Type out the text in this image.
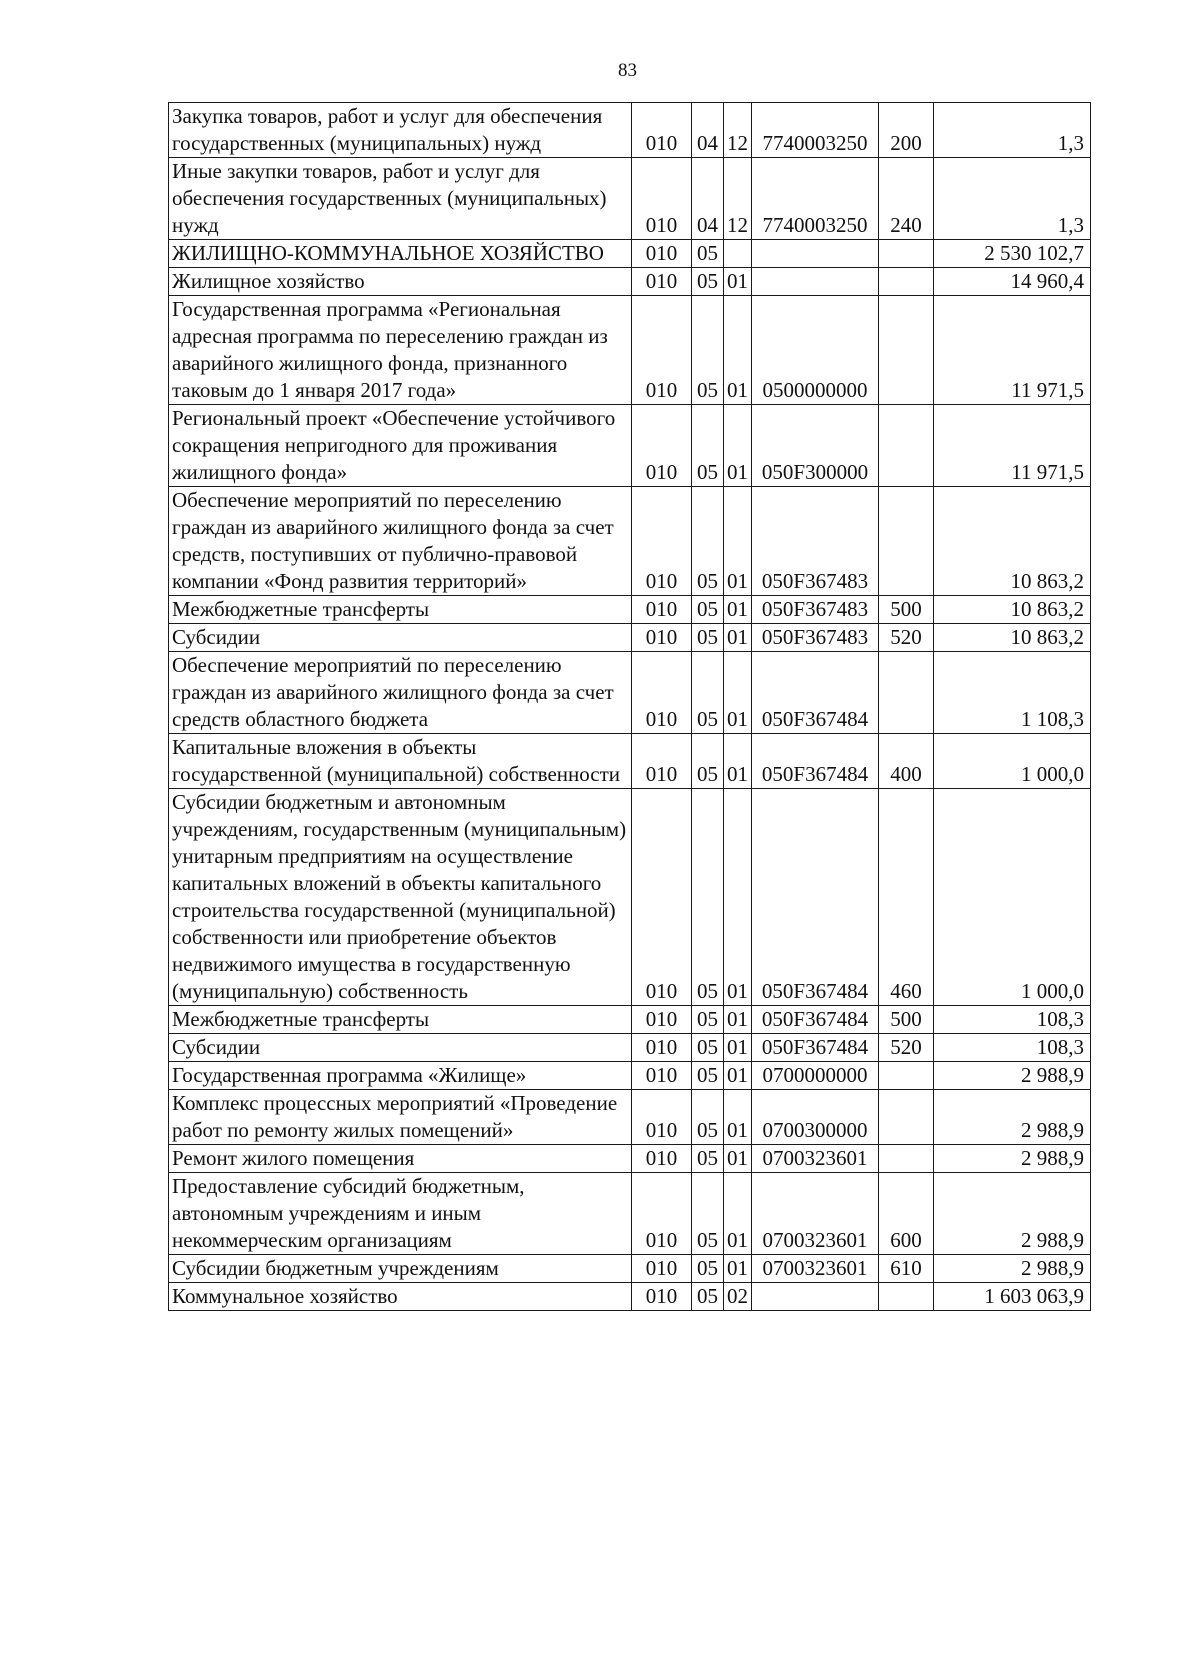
83
Закупка товаров, работ и услуг для обеспечения государственных (муниципальных) нужд	010	04	12	7740003250	200	1,3
Иные закупки товаров, работ и услуг для обеспечения государственных (муниципальных) нужд	010	04	12	7740003250	240	1,3
ЖИЛИЩНО-КОММУНАЛЬНОЕ ХОЗЯЙСТВО	010	05				2 530 102,7
Жилищное хозяйство	010	05	01			14 960,4
Государственная программа «Региональная адресная программа по переселению граждан из аварийного жилищного фонда, признанного таковым до 1 января 2017 года»	010	05	01	0500000000		11 971,5
Региональный проект «Обеспечение устойчивого сокращения непригодного для проживания жилищного фонда»	010	05	01	050F300000		11 971,5
Обеспечение мероприятий по переселению граждан из аварийного жилищного фонда за счет средств, поступивших от публично-правовой компании «Фонд развития территорий»	010	05	01	050F367483		10 863,2
Межбюджетные трансферты	010	05	01	050F367483	500	10 863,2
Субсидии	010	05	01	050F367483	520	10 863,2
Обеспечение мероприятий по переселению граждан из аварийного жилищного фонда за счет средств областного бюджета	010	05	01	050F367484		1 108,3
Капитальные вложения в объекты государственной (муниципальной) собственности	010	05	01	050F367484	400	1 000,0
Субсидии бюджетным и автономным учреждениям, государственным (муниципальным) унитарным предприятиям на осуществление капитальных вложений в объекты капитального строительства государственной (муниципальной) собственности или приобретение объектов недвижимого имущества в государственную (муниципальную) собственность	010	05	01	050F367484	460	1 000,0
Межбюджетные трансферты	010	05	01	050F367484	500	108,3
Субсидии	010	05	01	050F367484	520	108,3
Государственная программа «Жилище»	010	05	01	0700000000		2 988,9
Комплекс процессных мероприятий «Проведение работ по ремонту жилых помещений»	010	05	01	0700300000		2 988,9
Ремонт жилого помещения	010	05	01	0700323601		2 988,9
Предоставление субсидий бюджетным, автономным учреждениям и иным некоммерческим организациям	010	05	01	0700323601	600	2 988,9
Субсидии бюджетным учреждениям	010	05	01	0700323601	610	2 988,9
Коммунальное хозяйство	010	05	02			1 603 063,9
